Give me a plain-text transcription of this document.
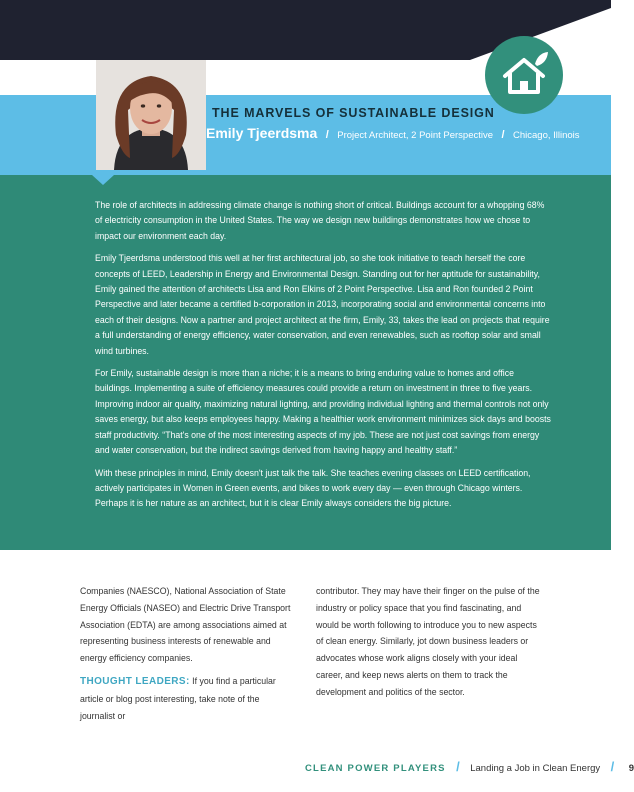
THE MARVELS OF SUSTAINABLE DESIGN
Emily Tjeerdsma / Project Architect, 2 Point Perspective / Chicago, Illinois

The role of architects in addressing climate change is nothing short of critical. Buildings account for a whopping 68% of electricity consumption in the United States. The way we design new buildings demonstrates how we chose to impact our environment each day.

Emily Tjeerdsma understood this well at her first architectural job, so she took initiative to teach herself the core concepts of LEED, Leadership in Energy and Environmental Design. Standing out for her aptitude for sustainability, Emily gained the attention of architects Lisa and Ron Elkins of 2 Point Perspective. Lisa and Ron founded 2 Point Perspective and later became a certified b-corporation in 2013, incorporating social and environmental concerns into each of their designs. Now a partner and project architect at the firm, Emily, 33, takes the lead on projects that require a full understanding of energy efficiency, water conservation, and even renewables, such as rooftop solar and small wind turbines.

For Emily, sustainable design is more than a niche; it is a means to bring enduring value to homes and office buildings. Implementing a suite of efficiency measures could provide a return on investment in three to five years. Improving indoor air quality, maximizing natural lighting, and providing individual lighting and thermal controls not only saves energy, but also keeps employees happy. Making a healthier work environment minimizes sick days and boosts staff productivity. “That's one of the most interesting aspects of my job. These are not just cost savings from energy and water conservation, but the indirect savings derived from having happy and healthy staff.”

With these principles in mind, Emily doesn't just talk the talk. She teaches evening classes on LEED certification, actively participates in Women in Green events, and bikes to work every day — even through Chicago winters. Perhaps it is her nature as an architect, but it is clear Emily always considers the big picture.

Companies (NAESCO), National Association of State Energy Officials (NASEO) and Electric Drive Transport Association (EDTA) are among associations aimed at representing business interests of renewable and energy efficiency companies.

THOUGHT LEADERS: If you find a particular article or blog post interesting, take note of the journalist or

contributor. They may have their finger on the pulse of the industry or policy space that you find fascinating, and would be worth following to introduce you to new aspects of clean energy. Similarly, jot down business leaders or advocates whose work aligns closely with your ideal career, and keep news alerts on them to track the development and politics of the sector.

CLEAN POWER PLAYERS / Landing a Job in Clean Energy / 9
